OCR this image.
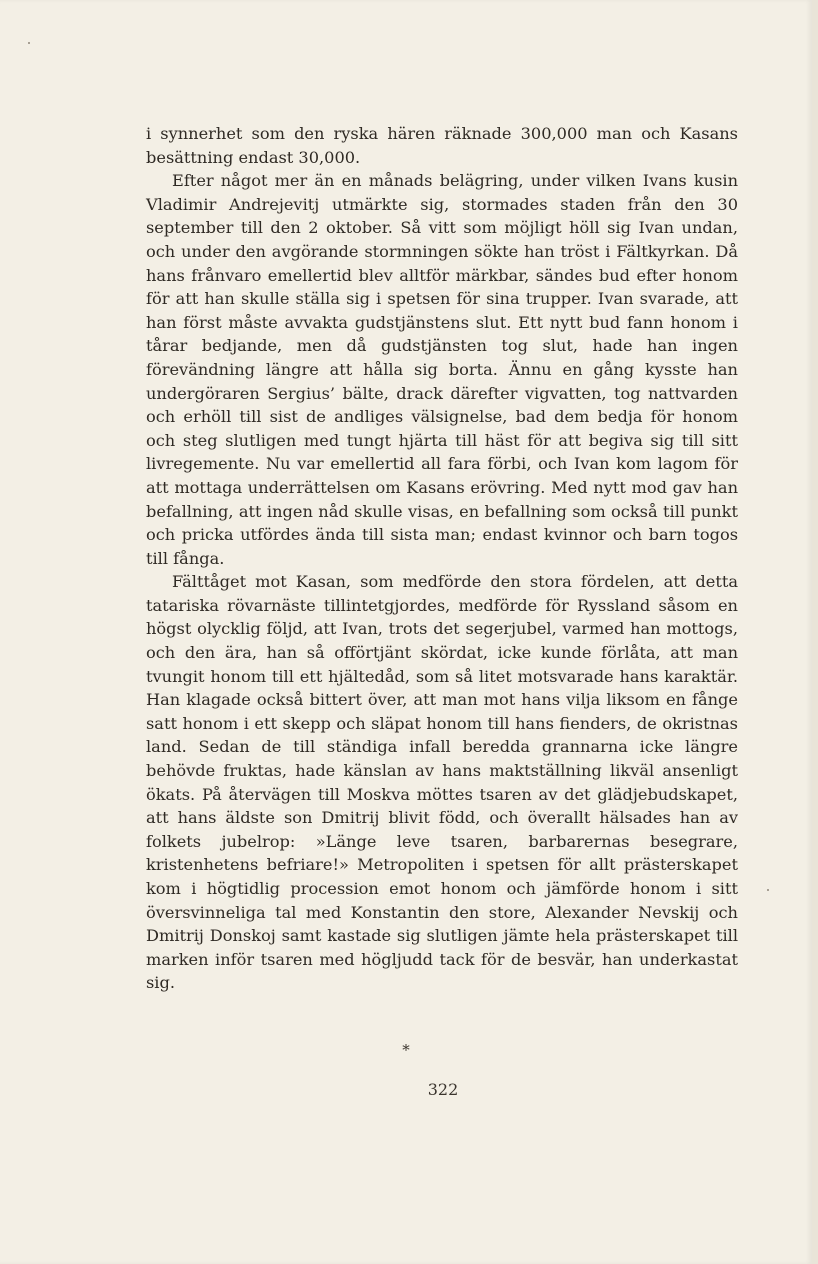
i synnerhet som den ryska hären räknade 300,000 man och Kasans besättning endast 30,000.

Efter något mer än en månads belägring, under vilken Ivans kusin Vladimir Andrejevitj utmärkte sig, stormades staden från den 30 september till den 2 oktober. Så vitt som möjligt höll sig Ivan undan, och under den avgörande stormningen sökte han tröst i Fältkyrkan. Då hans frånvaro emellertid blev alltför märkbar, sändes bud efter honom för att han skulle ställa sig i spetsen för sina trupper. Ivan svarade, att han först måste avvakta gudstjänstens slut. Ett nytt bud fann honom i tårar bedjande, men då gudstjänsten tog slut, hade han ingen förevändning längre att hålla sig borta. Ännu en gång kysste han undergöraren Sergius’ bälte, drack därefter vigvatten, tog nattvarden och erhöll till sist de andliges välsignelse, bad dem bedja för honom och steg slutligen med tungt hjärta till häst för att begiva sig till sitt livregemente. Nu var emellertid all fara förbi, och Ivan kom lagom för att mottaga underrättelsen om Kasans erövring. Med nytt mod gav han befallning, att ingen nåd skulle visas, en befallning som också till punkt och pricka utfördes ända till sista man; endast kvinnor och barn togos till fånga.

Fälttåget mot Kasan, som medförde den stora fördelen, att detta tatariska rövarnäste tillintetgjordes, medförde för Ryssland såsom en högst olycklig följd, att Ivan, trots det segerjubel, varmed han mottogs, och den ära, han så offörtjänt skördat, icke kunde förlåta, att man tvungit honom till ett hjältedåd, som så litet motsvarade hans karaktär. Han klagade också bittert över, att man mot hans vilja liksom en fånge satt honom i ett skepp och släpat honom till hans fienders, de okristnas land. Sedan de till ständiga infall beredda grannarna icke längre behövde fruktas, hade känslan av hans maktställning likväl ansenligt ökats. På återvägen till Moskva möttes tsaren av det glädjebudskapet, att hans äldste son Dmitrij blivit född, och överallt hälsades han av folkets jubelrop: »Länge leve tsaren, barbarernas besegrare, kristenhetens befriare!» Metropoliten i spetsen för allt prästerskapet kom i högtidlig procession emot honom och jämförde honom i sitt översvinneliga tal med Konstantin den store, Alexander Nevskij och Dmitrij Donskoj samt kastade sig slutligen jämte hela prästerskapet till marken inför tsaren med högljudd tack för de besvär, han underkastat sig.

*
322
